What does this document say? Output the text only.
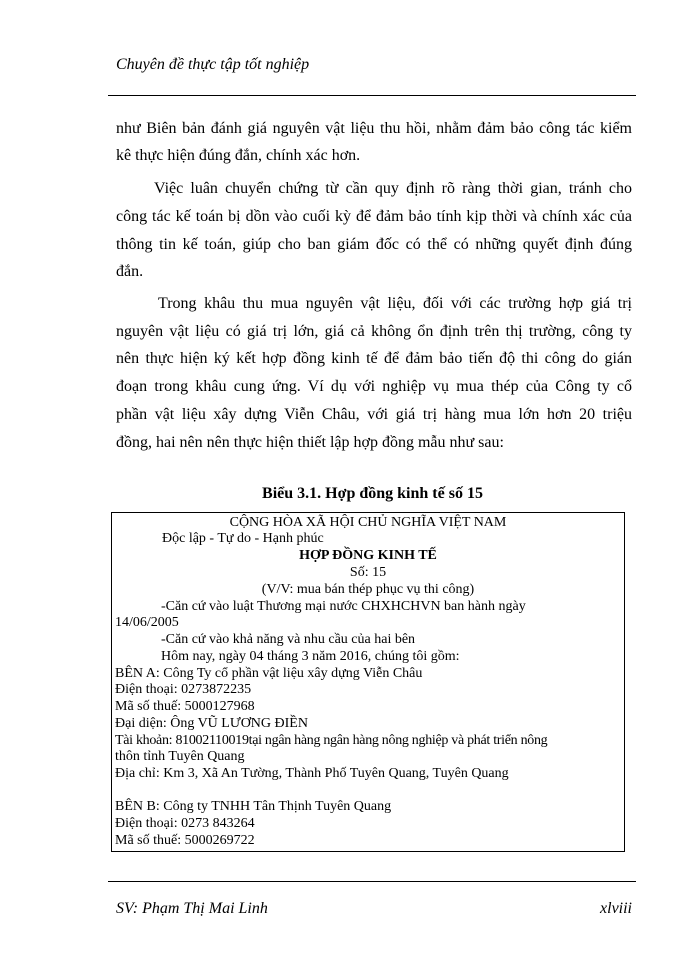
Chuyên đề thực tập tốt nghiệp
như Biên bản đánh giá nguyên vật liệu thu hồi, nhằm đảm bảo công tác kiểm
kê thực hiện đúng đắn, chính xác hơn.
Việc luân chuyển chứng từ cần quy định rõ ràng thời gian, tránh cho
công tác kế toán bị dồn vào cuối kỳ để đảm bảo tính kịp thời và chính xác của
thông tin kế toán, giúp cho ban giám đốc có thể có những quyết định đúng
đắn.
Trong khâu thu mua nguyên vật liệu, đối với các trường hợp giá trị
nguyên vật liệu có giá trị lớn, giá cả không ổn định trên thị trường, công ty
nên thực hiện ký kết hợp đồng kinh tế để đảm bảo tiến độ thi công do gián
đoạn trong khâu cung ứng. Ví dụ với nghiệp vụ mua thép của Công ty cổ
phần vật liệu xây dựng Viễn Châu, với giá trị hàng mua lớn hơn 20 triệu
đồng, hai nên nên thực hiện thiết lập hợp đồng mẫu như sau:
Biểu 3.1. Hợp đồng kinh tế số 15
CỘNG HÒA XÃ HỘI CHỦ NGHĨA VIỆT NAM
Độc lập - Tự do - Hạnh phúc
HỢP ĐỒNG KINH TẾ
Số: 15
(V/V: mua bán thép phục vụ thi công)
-Căn cứ vào luật Thương mại nước CHXHCHVN ban hành ngày
14/06/2005
-Căn cứ vào khả năng và nhu cầu của hai bên
Hôm nay, ngày 04 tháng 3 năm 2016, chúng tôi gồm:
BÊN A: Công Ty cổ phần vật liệu xây dựng Viễn Châu
Điện thoại: 0273872235
Mã số thuế: 5000127968
Đại diện: Ông VŨ LƯƠNG ĐIỀN
Tài khoản: 81002110019tại ngân hàng ngân hàng nông nghiệp và phát triển nông
thôn tỉnh Tuyên Quang
Địa chỉ: Km 3, Xã An Tường, Thành Phố Tuyên Quang, Tuyên Quang
BÊN B: Công ty TNHH Tân Thịnh Tuyên Quang
Điện thoại: 0273 843264
Mã số thuế: 5000269722
SV: Phạm Thị Mai Linh	xlviii
